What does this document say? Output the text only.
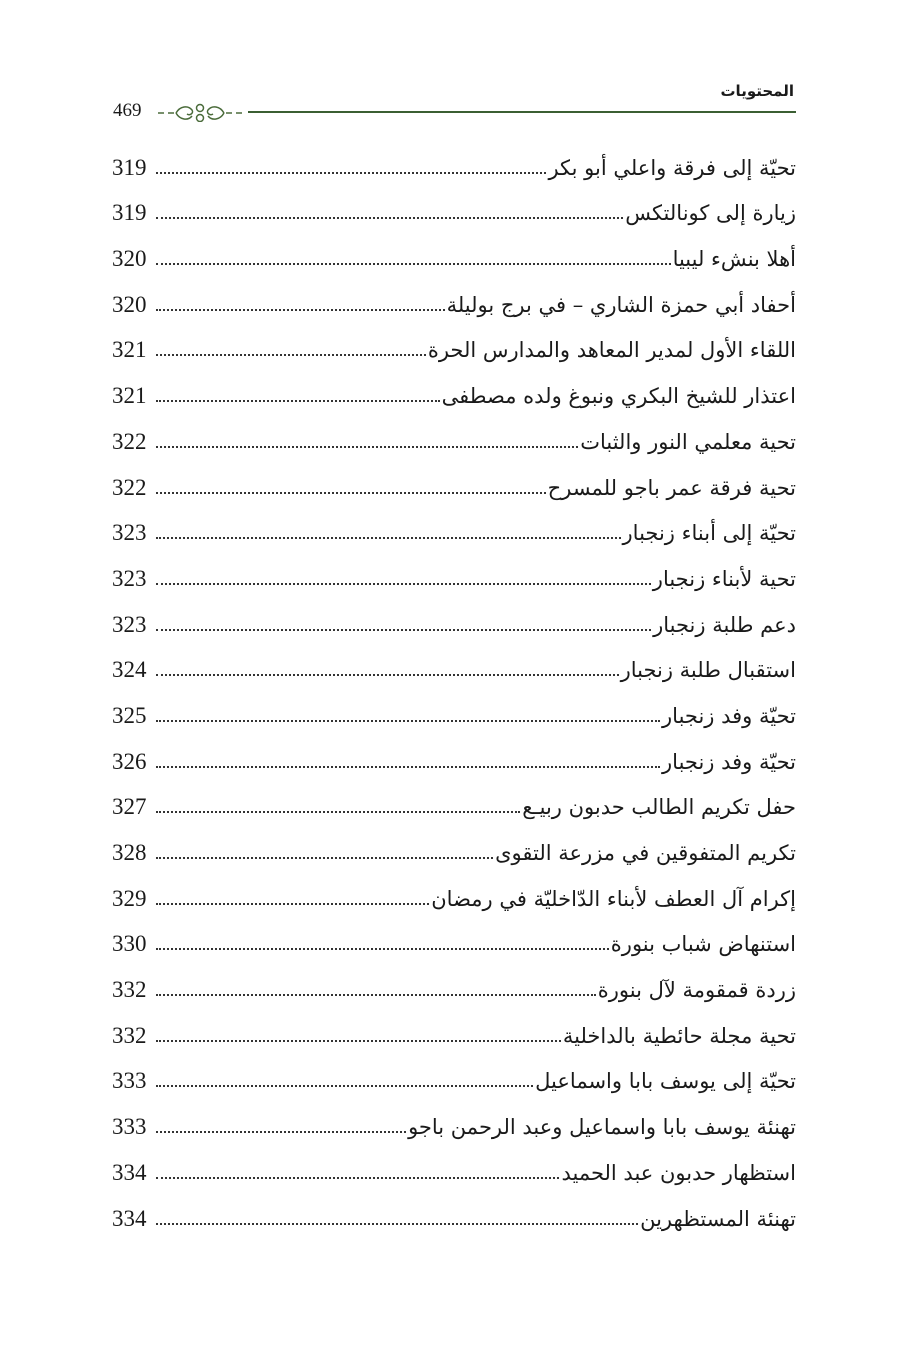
المحتويات
469
تحيّة إلى فرقة واعلي أبو بكر
319
زيارة إلى كونالتكس
319
أهلا بنشء ليبيا
320
أحفاد أبي حمزة الشاري – في برج بوليلة
320
اللقاء الأول لمدير المعاهد والمدارس الحرة
321
اعتذار للشيخ البكري ونبوغ ولده مصطفى
321
تحية معلمي النور والثبات
322
تحية فرقة عمر باجو للمسرح
322
تحيّة إلى أبناء زنجبار
323
تحية لأبناء زنجبار
323
دعم طلبة زنجبار
323
استقبال طلبة زنجبار
324
تحيّة وفد زنجبار
325
تحيّة وفد زنجبار
326
حفل تكريم الطالب حدبون ربيـع
327
تكريم المتفوقين في مزرعة التقوى
328
إكرام آل العطف لأبناء الدّاخليّة في رمضان
329
استنهاض شباب بنورة
330
زردة قمقومة لآل بنورة
332
تحية مجلة حائطية بالداخلية
332
تحيّة إلى يوسف بابا واسماعيل
333
تهنئة يوسف بابا واسماعيل وعبد الرحمن باجو
333
استظهار حدبون عبد الحميد
334
تهنئة المستظهرين
334
